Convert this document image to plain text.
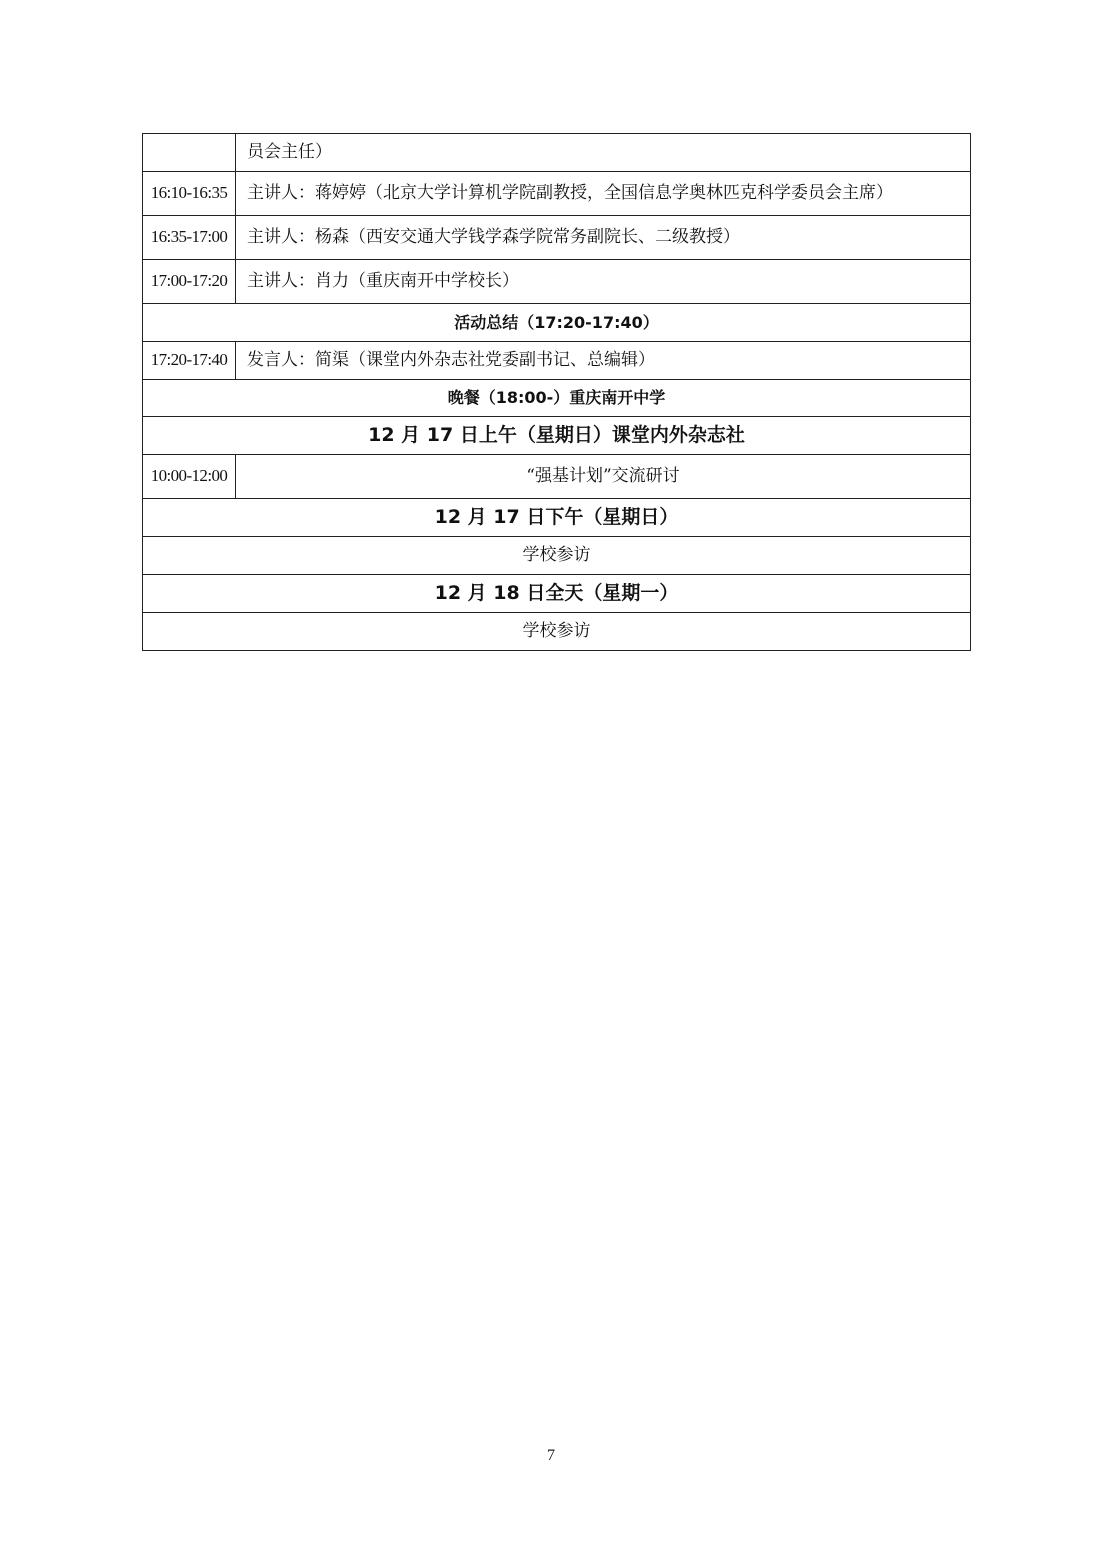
	员会主任）
16:10-16:35	主讲人：蒋婷婷（北京大学计算机学院副教授，全国信息学奥林匹克科学委员会主席）
16:35-17:00	主讲人：杨森（西安交通大学钱学森学院常务副院长、二级教授）
17:00-17:20	主讲人：肖力（重庆南开中学校长）
活动总结（17:20-17:40）	
17:20-17:40	发言人：简渠（课堂内外杂志社党委副书记、总编辑）
晚餐（18:00-）重庆南开中学	
12 月 17 日上午（星期日）课堂内外杂志社	
10:00-12:00	“强基计划”交流研讨
12 月 17 日下午（星期日）	
学校参访	
12 月 18 日全天（星期一）	
学校参访	
7
